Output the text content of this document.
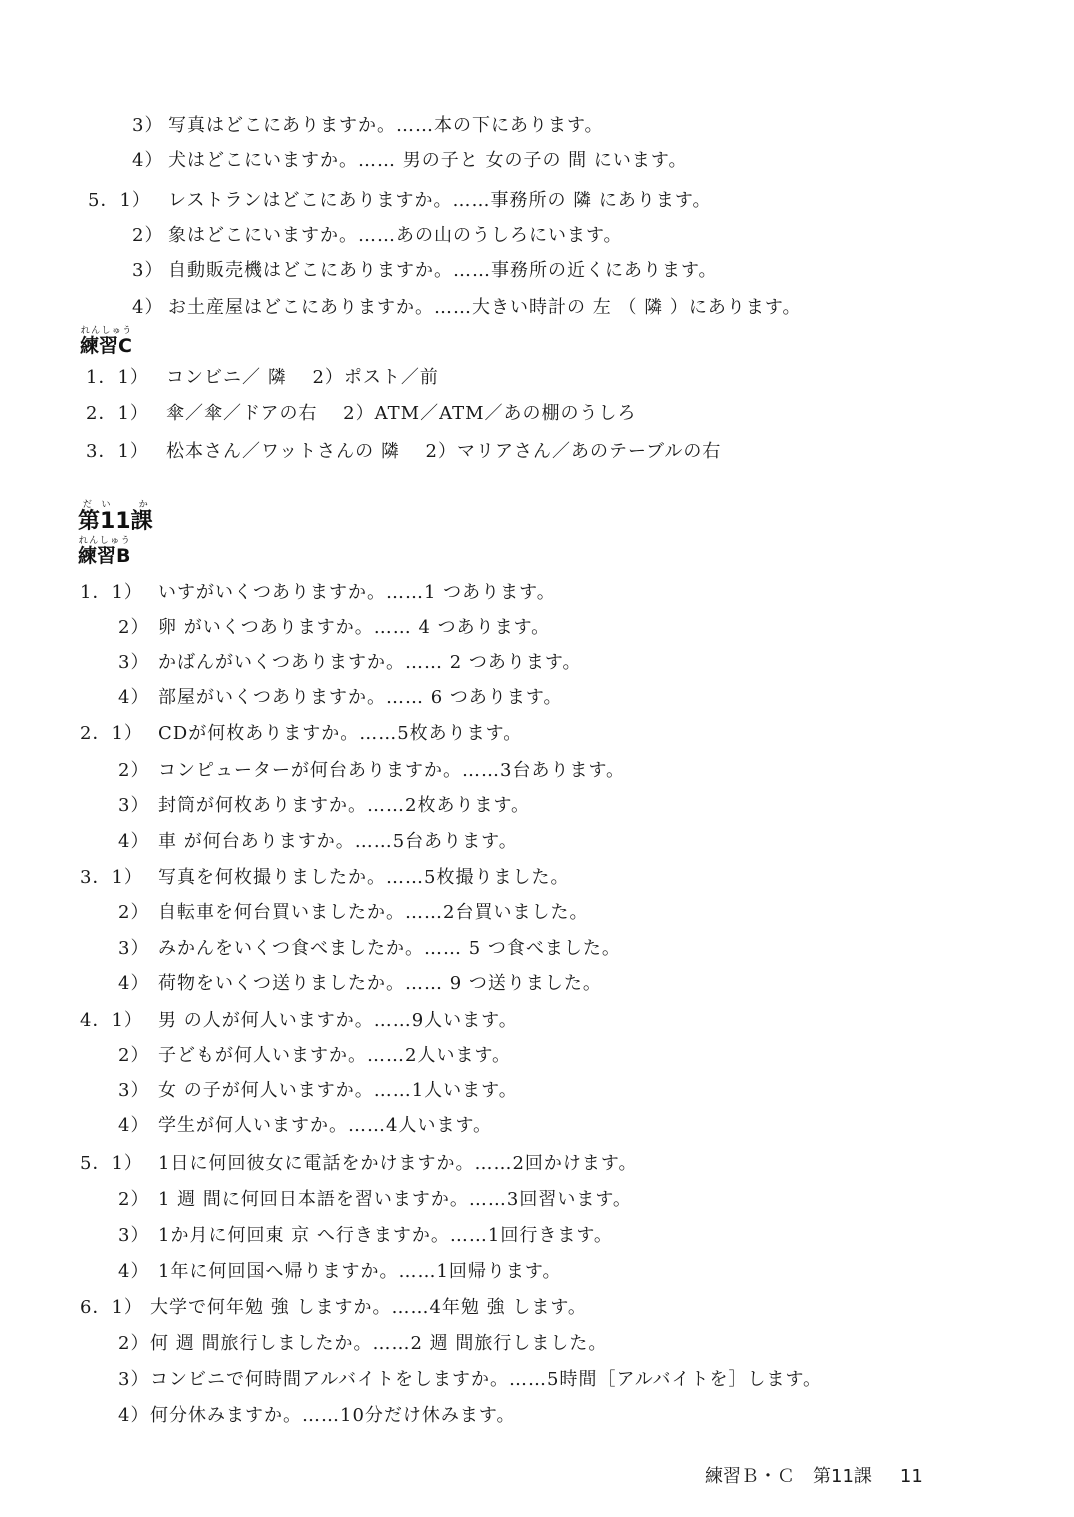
3） 写真はどこにありますか。……本の下にあります。
4） 犬はどこにいますか。…… 男の子と 女の子の 間 にいます。
5．1） レストランはどこにありますか。……事務所の 隣 にあります。
2） 象はどこにいますか。……あの山のうしろにいます。
3） 自動販売機はどこにありますか。……事務所の近くにあります。
4） お土産屋はどこにありますか。……大きい時計の 左 （ 隣 ）にあります。
練習Cれんしゅう
1．1） コンビニ／ 隣　 2）ポスト／前
2．1） 傘／傘／ドアの右　 2）ATM／ATM／あの棚のうしろ
3．1） 松本さん／ワットさんの 隣　 2）マリアさん／あのテーブルの右
第11課だい　か
練習Bれんしゅう
1．1） いすがいくつありますか。……1 つあります。
2） 卵 がいくつありますか。…… 4 つあります。
3） かばんがいくつありますか。…… 2 つあります。
4） 部屋がいくつありますか。…… 6 つあります。
2．1） CDが何枚ありますか。……5枚あります。
2） コンピューターが何台ありますか。……3台あります。
3） 封筒が何枚ありますか。……2枚あります。
4） 車 が何台ありますか。……5台あります。
3．1） 写真を何枚撮りましたか。……5枚撮りました。
2） 自転車を何台買いましたか。……2台買いました。
3） みかんをいくつ食べましたか。…… 5 つ食べました。
4） 荷物をいくつ送りましたか。…… 9 つ送りました。
4．1） 男 の人が何人いますか。……9人います。
2） 子どもが何人いますか。……2人います。
3） 女 の子が何人いますか。……1人います。
4） 学生が何人いますか。……4人います。
5．1） 1日に何回彼女に電話をかけますか。……2回かけます。
2） 1 週 間に何回日本語を習いますか。……3回習います。
3） 1か月に何回東 京 へ行きますか。……1回行きます。
4） 1年に何回国へ帰りますか。……1回帰ります。
6．1） 大学で何年勉 強 しますか。……4年勉 強 します。
2） 何 週 間旅行しましたか。……2 週 間旅行しました。
3） コンビニで何時間アルバイトをしますか。……5時間［アルバイトを］します。
4） 何分休みますか。……10分だけ休みます。
練習Ｂ・Ｃ　第11課 11
